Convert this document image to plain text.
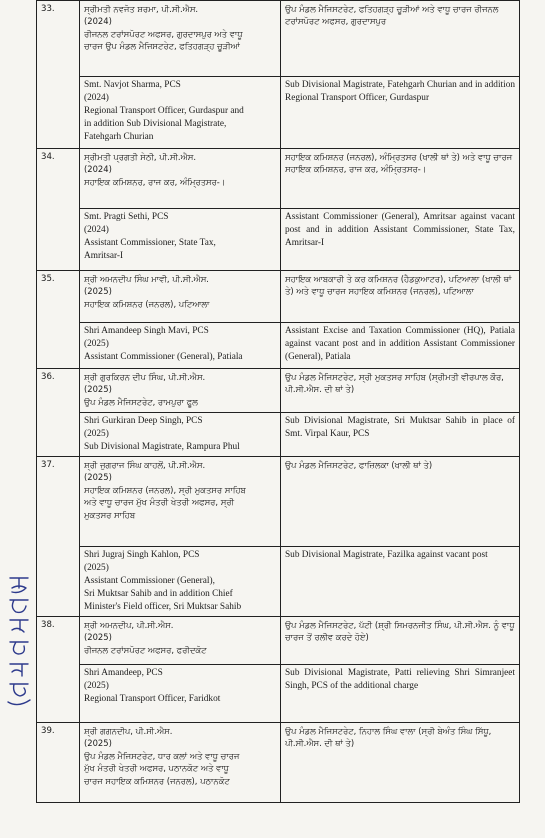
33.	ਸ੍ਰੀਮਤੀ ਨਵਜੋਤ ਸ਼ਰਮਾ, ਪੀ.ਸੀ.ਐਸ.
(2024)
ਰੀਜਨਲ ਟਰਾਂਸਪੋਰਟ ਅਫਸਰ, ਗੁਰਦਾਸਪੁਰ ਅਤੇ ਵਾਧੂ
ਚਾਰਜ ਉਪ ਮੰਡਲ ਮੈਜਿਸਟਰੇਟ, ਫਤਿਹਗੜ੍ਹ ਚੂੜੀਆਂ	ਉਪ ਮੰਡਲ ਮੈਜਿਸਟਰੇਟ, ਫਤਿਹਗੜ੍ਹ ਚੂੜੀਆਂ ਅਤੇ ਵਾਧੂ ਚਾਰਜ ਰੀਜਨਲ ਟਰਾਂਸਪੋਰਟ ਅਫਸਰ, ਗੁਰਦਾਸਪੁਰ

	Smt. Navjot Sharma, PCS
(2024)
Regional Transport Officer, Gurdaspur and
in addition Sub Divisional Magistrate,
Fatehgarh Churian	Sub Divisional Magistrate, Fatehgarh Churian and in addition Regional Transport Officer, Gurdaspur

34.	ਸ੍ਰੀਮਤੀ ਪ੍ਰਗਤੀ ਸੇਠੀ, ਪੀ.ਸੀ.ਐਸ.
(2024)
ਸਹਾਇਕ ਕਮਿਸ਼ਨਰ, ਰਾਜ ਕਰ, ਅੰਮ੍ਰਿਤਸਰ-।	ਸਹਾਇਕ ਕਮਿਸ਼ਨਰ (ਜਨਰਲ), ਅੰਮ੍ਰਿਤਸਰ (ਖਾਲੀ ਥਾਂ ਤੇ) ਅਤੇ ਵਾਧੂ ਚਾਰਜ ਸਹਾਇਕ ਕਮਿਸ਼ਨਰ, ਰਾਜ ਕਰ, ਅੰਮ੍ਰਿਤਸਰ-।

	Smt. Pragti Sethi, PCS
(2024)
Assistant Commissioner, State Tax,
Amritsar-I	Assistant Commissioner (General), Amritsar against vacant post and in addition Assistant Commissioner, State Tax, Amritsar-I

35.	ਸ਼੍ਰੀ ਅਮਨਦੀਪ ਸਿੰਘ ਮਾਵੀ, ਪੀ.ਸੀ.ਐਸ.
(2025)
ਸਹਾਇਕ ਕਮਿਸ਼ਨਰ (ਜਨਰਲ), ਪਟਿਆਲਾ	ਸਹਾਇਕ ਆਬਕਾਰੀ ਤੇ ਕਰ ਕਮਿਸ਼ਨਰ (ਹੈਡਕੁਆਟਰ), ਪਟਿਆਲਾ (ਖਾਲੀ ਥਾਂ ਤੇ) ਅਤੇ ਵਾਧੂ ਚਾਰਜ ਸਹਾਇਕ ਕਮਿਸ਼ਨਰ (ਜਨਰਲ), ਪਟਿਆਲਾ

	Shri Amandeep Singh Mavi, PCS
(2025)
Assistant Commissioner (General), Patiala	Assistant Excise and Taxation Commissioner (HQ), Patiala against vacant post and in addition Assistant Commissioner (General), Patiala

36.	ਸ਼੍ਰੀ ਗੁਰਕਿਰਨ ਦੀਪ ਸਿੰਘ, ਪੀ.ਸੀ.ਐਸ.
(2025)
ਉਪ ਮੰਡਲ ਮੈਜਿਸਟਰੇਟ, ਰਾਮਪੁਰਾ ਫੂਲ	ਉਪ ਮੰਡਲ ਮੈਜਿਸਟਰੇਟ, ਸ੍ਰੀ ਮੁਕਤਸਰ ਸਾਹਿਬ (ਸ੍ਰੀਮਤੀ ਵੀਰਪਾਲ ਕੌਰ, ਪੀ.ਸੀ.ਐਸ. ਦੀ ਥਾਂ ਤੇ)

	Shri Gurkiran Deep Singh, PCS
(2025)
Sub Divisional Magistrate, Rampura Phul	Sub Divisional Magistrate, Sri Muktsar Sahib in place of Smt. Virpal Kaur, PCS

37.	ਸ਼੍ਰੀ ਜੁਗਰਾਜ ਸਿੰਘ ਕਾਹਲੋਂ, ਪੀ.ਸੀ.ਐਸ.
(2025)
ਸਹਾਇਕ ਕਮਿਸ਼ਨਰ (ਜਨਰਲ), ਸ੍ਰੀ ਮੁਕਤਸਰ ਸਾਹਿਬ
ਅਤੇ ਵਾਧੂ ਚਾਰਜ ਮੁੱਖ ਮੰਤਰੀ ਖੇਤਰੀ ਅਫਸਰ, ਸ੍ਰੀ
ਮੁਕਤਸਰ ਸਾਹਿਬ	ਉਪ ਮੰਡਲ ਮੈਜਿਸਟਰੇਟ, ਫਾਜ਼ਿਲਕਾ (ਖਾਲੀ ਥਾਂ ਤੇ)

	Shri Jugraj Singh Kahlon, PCS
(2025)
Assistant Commissioner (General),
Sri Muktsar Sahib and in addition Chief
Minister's Field officer, Sri Muktsar Sahib	Sub Divisional Magistrate, Fazilka against vacant post

38.	ਸ਼੍ਰੀ ਅਮਨਦੀਪ, ਪੀ.ਸੀ.ਐਸ.
(2025)
ਰੀਜਨਲ ਟਰਾਂਸਪੋਰਟ ਅਫਸਰ, ਫਰੀਦਕੋਟ	ਉਪ ਮੰਡਲ ਮੈਜਿਸਟਰੇਟ, ਪੱਟੀ (ਸ਼੍ਰੀ ਸਿਮਰਨਜੀਤ ਸਿੰਘ, ਪੀ.ਸੀ.ਐਸ. ਨੂੰ ਵਾਧੂ ਚਾਰਜ ਤੋਂ ਰਲੀਵ ਕਰਦੇ ਹੋਏ)

	Shri Amandeep, PCS
(2025)
Regional Transport Officer, Faridkot	Sub Divisional Magistrate, Patti relieving Shri Simranjeet Singh, PCS of the additional charge

39.	ਸ਼੍ਰੀ ਗਗਨਦੀਪ, ਪੀ.ਸੀ.ਐਸ.
(2025)
ਉਪ ਮੰਡਲ ਮੈਜਿਸਟਰੇਟ, ਧਾਰ ਕਲਾਂ ਅਤੇ ਵਾਧੂ ਚਾਰਜ
ਮੁੱਖ ਮੰਤਰੀ ਖੇਤਰੀ ਅਫਸਰ, ਪਠਾਨਕੋਟ ਅਤੇ ਵਾਧੂ
ਚਾਰਜ ਸਹਾਇਕ ਕਮਿਸ਼ਨਰ (ਜਨਰਲ), ਪਠਾਨਕੋਟ	ਉਪ ਮੰਡਲ ਮੈਜਿਸਟਰੇਟ, ਨਿਹਾਲ ਸਿੰਘ ਵਾਲਾ (ਸ੍ਰੀ ਬੇਅੰਤ ਸਿੰਘ ਸਿੱਧੂ, ਪੀ.ਸੀ.ਐਸ. ਦੀ ਥਾਂ ਤੇ)
